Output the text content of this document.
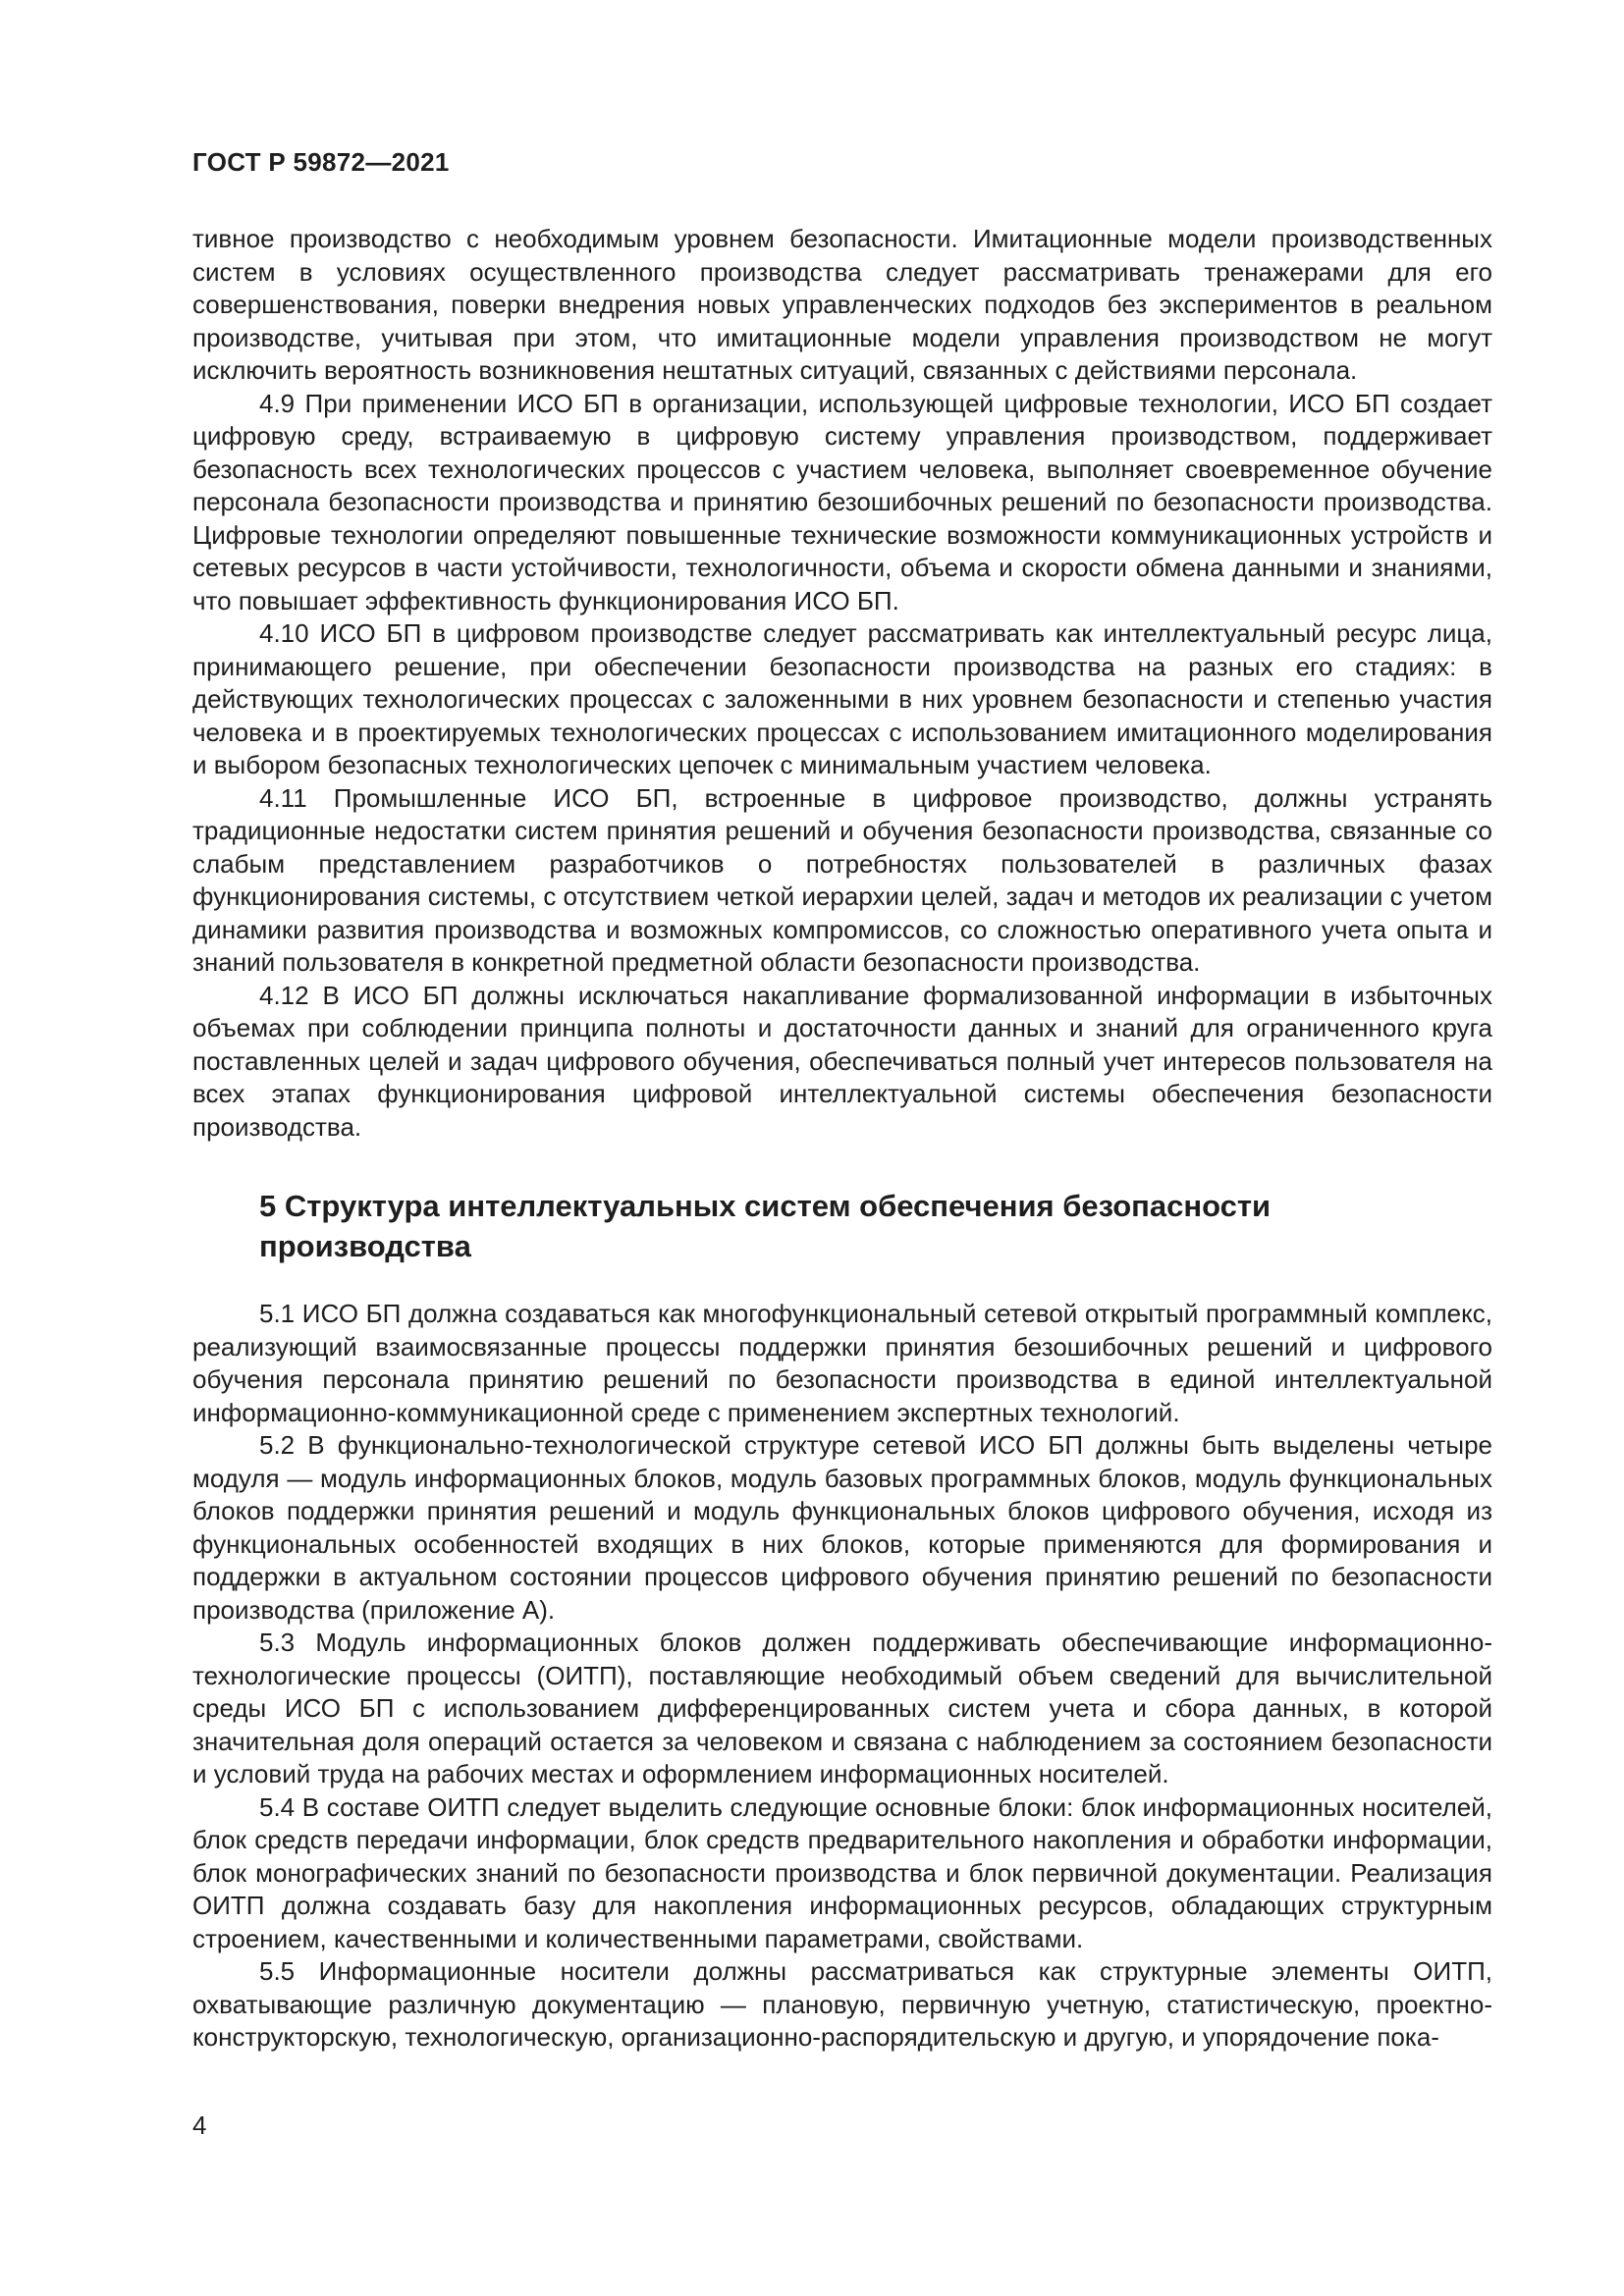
ГОСТ Р 59872—2021

тивное производство с необходимым уровнем безопасности. Имитационные модели производственных систем в условиях осуществленного производства следует рассматривать тренажерами для его совершенствования, поверки внедрения новых управленческих подходов без экспериментов в реальном производстве, учитывая при этом, что имитационные модели управления производством не могут исключить вероятность возникновения нештатных ситуаций, связанных с действиями персонала.

4.9 При применении ИСО БП в организации, использующей цифровые технологии, ИСО БП создает цифровую среду, встраиваемую в цифровую систему управления производством, поддерживает безопасность всех технологических процессов с участием человека, выполняет своевременное обучение персонала безопасности производства и принятию безошибочных решений по безопасности производства. Цифровые технологии определяют повышенные технические возможности коммуникационных устройств и сетевых ресурсов в части устойчивости, технологичности, объема и скорости обмена данными и знаниями, что повышает эффективность функционирования ИСО БП.

4.10 ИСО БП в цифровом производстве следует рассматривать как интеллектуальный ресурс лица, принимающего решение, при обеспечении безопасности производства на разных его стадиях: в действующих технологических процессах с заложенными в них уровнем безопасности и степенью участия человека и в проектируемых технологических процессах с использованием имитационного моделирования и выбором безопасных технологических цепочек с минимальным участием человека.

4.11 Промышленные ИСО БП, встроенные в цифровое производство, должны устранять традиционные недостатки систем принятия решений и обучения безопасности производства, связанные со слабым представлением разработчиков о потребностях пользователей в различных фазах функционирования системы, с отсутствием четкой иерархии целей, задач и методов их реализации с учетом динамики развития производства и возможных компромиссов, со сложностью оперативного учета опыта и знаний пользователя в конкретной предметной области безопасности производства.

4.12 В ИСО БП должны исключаться накапливание формализованной информации в избыточных объемах при соблюдении принципа полноты и достаточности данных и знаний для ограниченного круга поставленных целей и задач цифрового обучения, обеспечиваться полный учет интересов пользователя на всех этапах функционирования цифровой интеллектуальной системы обеспечения безопасности производства.

5 Структура интеллектуальных систем обеспечения безопасности производства

5.1 ИСО БП должна создаваться как многофункциональный сетевой открытый программный комплекс, реализующий взаимосвязанные процессы поддержки принятия безошибочных решений и цифрового обучения персонала принятию решений по безопасности производства в единой интеллектуальной информационно-коммуникационной среде с применением экспертных технологий.

5.2 В функционально-технологической структуре сетевой ИСО БП должны быть выделены четыре модуля — модуль информационных блоков, модуль базовых программных блоков, модуль функциональных блоков поддержки принятия решений и модуль функциональных блоков цифрового обучения, исходя из функциональных особенностей входящих в них блоков, которые применяются для формирования и поддержки в актуальном состоянии процессов цифрового обучения принятию решений по безопасности производства (приложение А).

5.3 Модуль информационных блоков должен поддерживать обеспечивающие информационно-технологические процессы (ОИТП), поставляющие необходимый объем сведений для вычислительной среды ИСО БП с использованием дифференцированных систем учета и сбора данных, в которой значительная доля операций остается за человеком и связана с наблюдением за состоянием безопасности и условий труда на рабочих местах и оформлением информационных носителей.

5.4 В составе ОИТП следует выделить следующие основные блоки: блок информационных носителей, блок средств передачи информации, блок средств предварительного накопления и обработки информации, блок монографических знаний по безопасности производства и блок первичной документации. Реализация ОИТП должна создавать базу для накопления информационных ресурсов, обладающих структурным строением, качественными и количественными параметрами, свойствами.

5.5 Информационные носители должны рассматриваться как структурные элементы ОИТП, охватывающие различную документацию — плановую, первичную учетную, статистическую, проектно-конструкторскую, технологическую, организационно-распорядительскую и другую, и упорядочение пока-

4
